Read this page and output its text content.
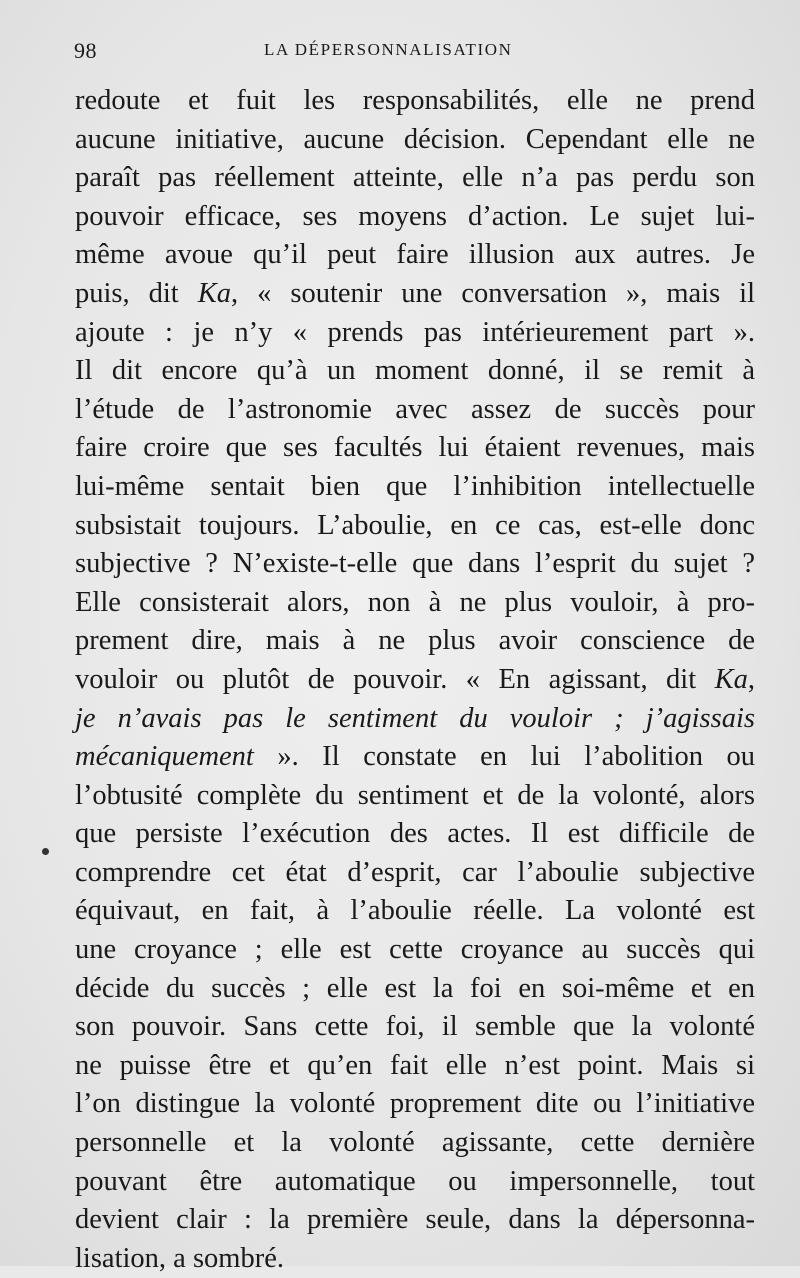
98	LA DÉPERSONNALISATION
redoute et fuit les responsabilités, elle ne prend
aucune initiative, aucune décision. Cependant elle ne
paraît pas réellement atteinte, elle n’a pas perdu son
pouvoir efficace, ses moyens d’action. Le sujet lui-
même avoue qu’il peut faire illusion aux autres. Je
puis, dit Ka, « soutenir une conversation », mais il
ajoute : je n’y « prends pas intérieurement part ».
Il dit encore qu’à un moment donné, il se remit à
l’étude de l’astronomie avec assez de succès pour
faire croire que ses facultés lui étaient revenues, mais
lui-même sentait bien que l’inhibition intellectuelle
subsistait toujours. L’aboulie, en ce cas, est-elle donc
subjective ? N’existe-t-elle que dans l’esprit du sujet ?
Elle consisterait alors, non à ne plus vouloir, à pro-
prement dire, mais à ne plus avoir conscience de
vouloir ou plutôt de pouvoir. « En agissant, dit Ka,
je n’avais pas le sentiment du vouloir ; j’agissais
mécaniquement ». Il constate en lui l’abolition ou
l’obtusité complète du sentiment et de la volonté, alors
que persiste l’exécution des actes. Il est difficile de
comprendre cet état d’esprit, car l’aboulie subjective
équivaut, en fait, à l’aboulie réelle. La volonté est
une croyance ; elle est cette croyance au succès qui
décide du succès ; elle est la foi en soi-même et en
son pouvoir. Sans cette foi, il semble que la volonté
ne puisse être et qu’en fait elle n’est point. Mais si
l’on distingue la volonté proprement dite ou l’initiative
personnelle et la volonté agissante, cette dernière
pouvant être automatique ou impersonnelle, tout
devient clair : la première seule, dans la dépersonna-
lisation, a sombré.
